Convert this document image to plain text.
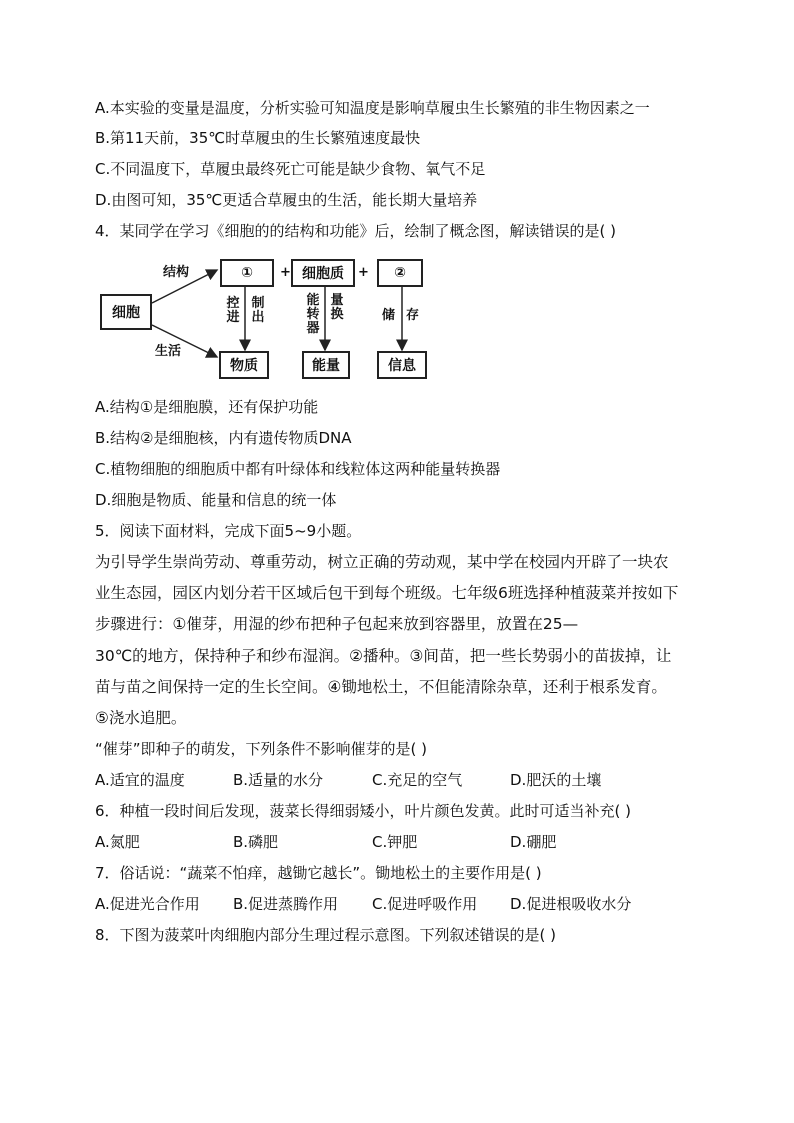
A.本实验的变量是温度，分析实验可知温度是影响草履虫生长繁殖的非生物因素之一
B.第11天前，35℃时草履虫的生长繁殖速度最快
C.不同温度下，草履虫最终死亡可能是缺少食物、氧气不足
D.由图可知，35℃更适合草履虫的生活，能长期大量培养
4．某同学在学习《细胞的的结构和功能》后，绘制了概念图，解读错误的是( )
细胞
结构
生活
①	+ 细胞质	+	②
控
进
制
出
能
转
器
量
换	储 存
物质	能量	信息
A.结构①是细胞膜，还有保护功能
B.结构②是细胞核，内有遗传物质DNA
C.植物细胞的细胞质中都有叶绿体和线粒体这两种能量转换器
D.细胞是物质、能量和信息的统一体
5．阅读下面材料，完成下面5~9小题。
为引导学生崇尚劳动、尊重劳动，树立正确的劳动观，某中学在校园内开辟了一块农
业生态园，园区内划分若干区域后包干到每个班级。七年级6班选择种植菠菜并按如下
步骤进行：①催芽，用湿的纱布把种子包起来放到容器里，放置在25—
30℃的地方，保持种子和纱布湿润。②播种。③间苗，把一些长势弱小的苗拔掉，让
苗与苗之间保持一定的生长空间。④锄地松土，不但能清除杂草，还利于根系发育。
⑤浇水追肥。
“催芽”即种子的萌发，下列条件不影响催芽的是( )
A.适宜的温度	B.适量的水分	C.充足的空气	D.肥沃的土壤
6．种植一段时间后发现，菠菜长得细弱矮小，叶片颜色发黄。此时可适当补充( )
A.氮肥	B.磷肥	C.钾肥	D.硼肥
7．俗话说：“蔬菜不怕痒，越锄它越长”。锄地松土的主要作用是( )
A.促进光合作用 B.促进蒸腾作用 C.促进呼吸作用 D.促进根吸收水分
8．下图为菠菜叶肉细胞内部分生理过程示意图。下列叙述错误的是( )
